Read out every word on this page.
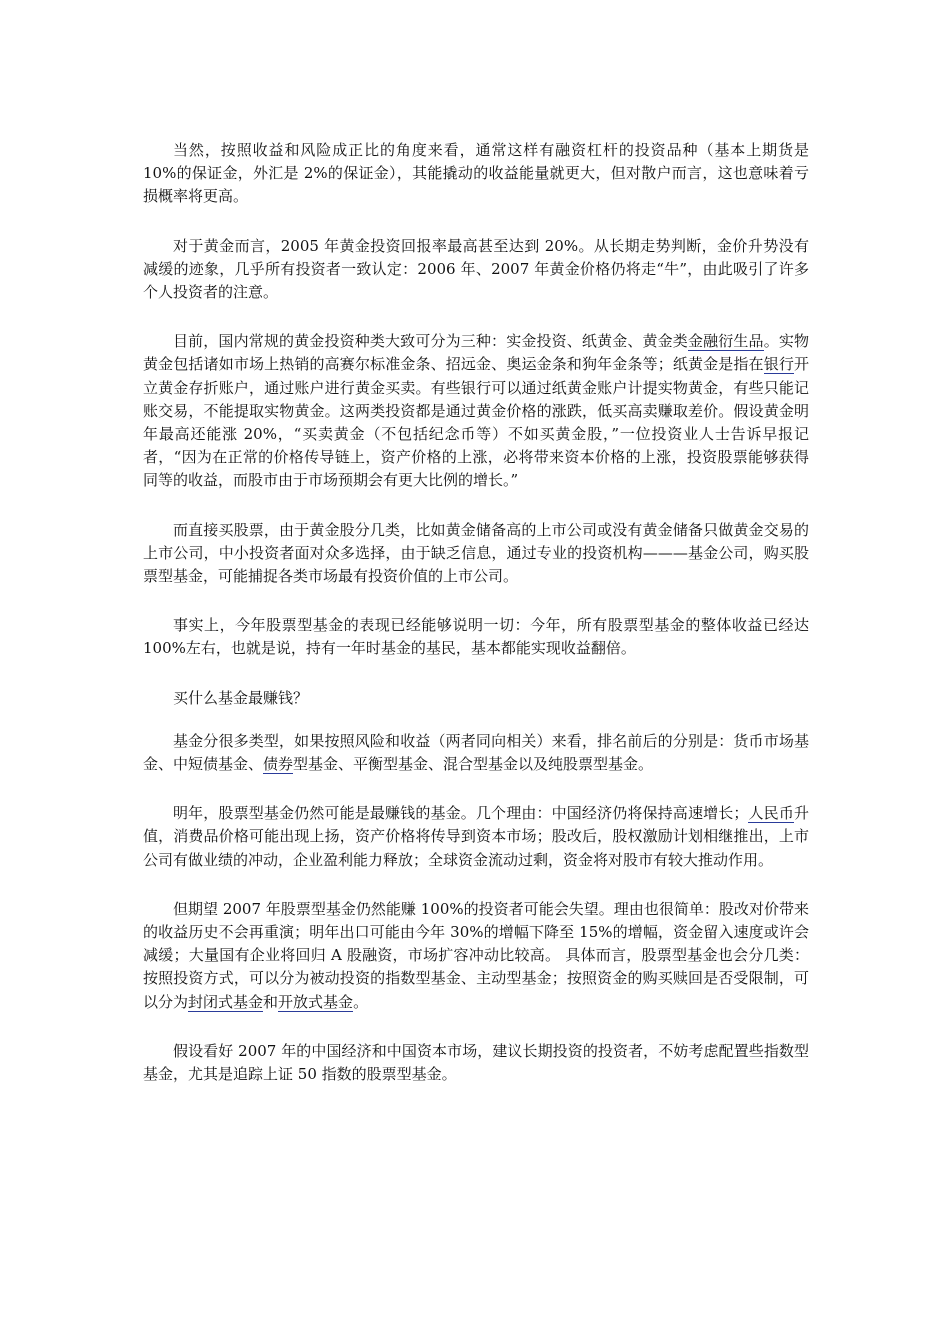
当然，按照收益和风险成正比的角度来看，通常这样有融资杠杆的投资品种（基本上期货是 10%的保证金，外汇是 2%的保证金），其能撬动的收益能量就更大，但对散户而言，这也意味着亏损概率将更高。

对于黄金而言，2005 年黄金投资回报率最高甚至达到 20%。从长期走势判断，金价升势没有减缓的迹象，几乎所有投资者一致认定：2006 年、2007 年黄金价格仍将走“牛”，由此吸引了许多个人投资者的注意。

目前，国内常规的黄金投资种类大致可分为三种：实金投资、纸黄金、黄金类金融衍生品。实物黄金包括诸如市场上热销的高赛尔标准金条、招远金、奥运金条和狗年金条等；纸黄金是指在银行开立黄金存折账户，通过账户进行黄金买卖。有些银行可以通过纸黄金账户计提实物黄金，有些只能记账交易，不能提取实物黄金。这两类投资都是通过黄金价格的涨跌，低买高卖赚取差价。假设黄金明年最高还能涨 20%，“买卖黄金（不包括纪念币等）不如买黄金股，”一位投资业人士告诉早报记者，“因为在正常的价格传导链上，资产价格的上涨，必将带来资本价格的上涨，投资股票能够获得同等的收益，而股市由于市场预期会有更大比例的增长。”

而直接买股票，由于黄金股分几类，比如黄金储备高的上市公司或没有黄金储备只做黄金交易的上市公司，中小投资者面对众多选择，由于缺乏信息，通过专业的投资机构———基金公司，购买股票型基金，可能捕捉各类市场最有投资价值的上市公司。

事实上，今年股票型基金的表现已经能够说明一切：今年，所有股票型基金的整体收益已经达 100%左右，也就是说，持有一年时基金的基民，基本都能实现收益翻倍。

买什么基金最赚钱？

基金分很多类型，如果按照风险和收益（两者同向相关）来看，排名前后的分别是：货币市场基金、中短债基金、债券型基金、平衡型基金、混合型基金以及纯股票型基金。

明年，股票型基金仍然可能是最赚钱的基金。几个理由：中国经济仍将保持高速增长；人民币升值，消费品价格可能出现上扬，资产价格将传导到资本市场；股改后，股权激励计划相继推出，上市公司有做业绩的冲动，企业盈利能力释放；全球资金流动过剩，资金将对股市有较大推动作用。

但期望 2007 年股票型基金仍然能赚 100%的投资者可能会失望。理由也很简单：股改对价带来的收益历史不会再重演；明年出口可能由今年 30%的增幅下降至 15%的增幅，资金留入速度或许会减缓；大量国有企业将回归 A 股融资，市场扩容冲动比较高。 具体而言，股票型基金也会分几类：按照投资方式，可以分为被动投资的指数型基金、主动型基金；按照资金的购买赎回是否受限制，可以分为封闭式基金和开放式基金。

假设看好 2007 年的中国经济和中国资本市场，建议长期投资的投资者，不妨考虑配置些指数型基金，尤其是追踪上证 50 指数的股票型基金。
